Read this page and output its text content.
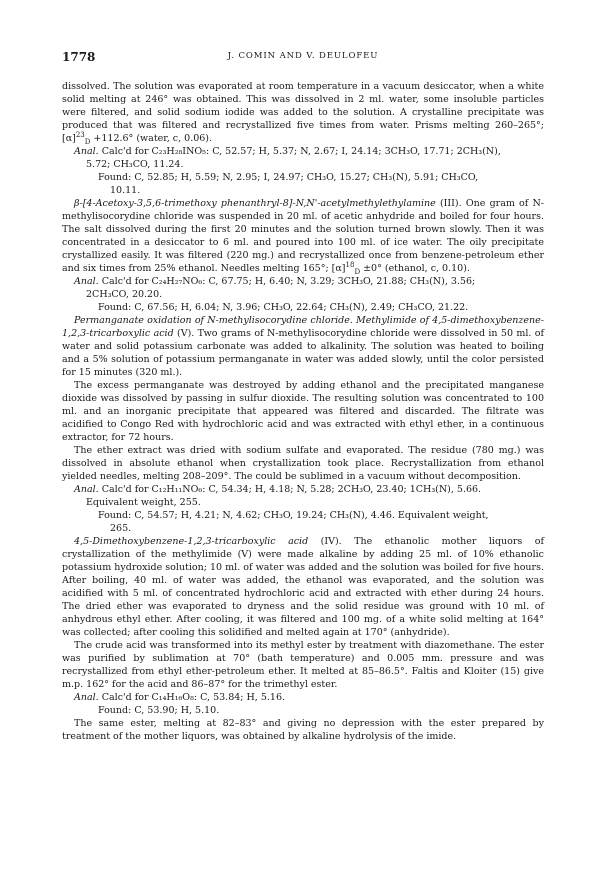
1778	J. COMIN AND V. DEULOFEU

dissolved. The solution was evaporated at room temperature in a vacuum desiccator, when a white solid melting at 246° was obtained. This was dissolved in 2 ml. water, some insoluble particles were filtered, and solid sodium iodide was added to the solution. A crystalline precipitate was produced that was filtered and recrystallized five times from water. Prisms melting 260–265°; $[\alpha]^{23}_D +112.6^\circ$ (water, c, 0.06).

Anal. Calc'd for C₂₃H₂₈INO₅: C, 52.57; H, 5.37; N, 2.67; I, 24.14; 3CH₃O, 17.71; 2CH₃(N),

5.72; CH₃CO, 11.24.

Found: C, 52.85; H, 5.59; N, 2.95; I, 24.97; CH₃O, 15.27; CH₃(N), 5.91; CH₃CO,

10.11.

β-[4-Acetoxy-3,5,6-trimethoxy phenanthryl-8]-N,N'-acetylmethylethylamine (III). One gram of N-methylisocorydine chloride was suspended in 20 ml. of acetic anhydride and boiled for four hours. The salt dissolved during the first 20 minutes and the solution turned brown slowly. Then it was concentrated in a desiccator to 6 ml. and poured into 100 ml. of ice water. The oily precipitate crystallized easily. It was filtered (220 mg.) and recrystallized once from benzene-petroleum ether and six times from 25% ethanol. Needles melting 165°; $[\alpha]^{18}_D \pm 0^\circ$ (ethanol, c, 0.10).

Anal. Calc'd for C₂₄H₂₇NO₆: C, 67.75; H, 6.40; N, 3.29; 3CH₃O, 21.88; CH₃(N), 3.56;

2CH₃CO, 20.20.

Found: C, 67.56; H, 6.04; N, 3.96; CH₃O, 22.64; CH₃(N), 2.49; CH₃CO, 21.22.

Permanganate oxidation of N-methylisocorydine chloride. Methylimide of 4,5-dimethoxybenzene-1,2,3-tricarboxylic acid (V). Two grams of N-methylisocorydine chloride were dissolved in 50 ml. of water and solid potassium carbonate was added to alkalinity. The solution was heated to boiling and a 5% solution of potassium permanganate in water was added slowly, until the color persisted for 15 minutes (320 ml.).

The excess permanganate was destroyed by adding ethanol and the precipitated manganese dioxide was dissolved by passing in sulfur dioxide. The resulting solution was concentrated to 100 ml. and an inorganic precipitate that appeared was filtered and discarded. The filtrate was acidified to Congo Red with hydrochloric acid and was extracted with ethyl ether, in a continuous extractor, for 72 hours.

The ether extract was dried with sodium sulfate and evaporated. The residue (780 mg.) was dissolved in absolute ethanol when crystallization took place. Recrystallization from ethanol yielded needles, melting 208–209°. The could be sublimed in a vacuum without decomposition.

Anal. Calc'd for C₁₂H₁₁NO₆: C, 54.34; H, 4.18; N, 5.28; 2CH₃O, 23.40; 1CH₃(N), 5.66.

Equivalent weight, 255.

Found: C, 54.57; H, 4.21; N, 4.62; CH₃O, 19.24; CH₃(N), 4.46. Equivalent weight,

265.

4,5-Dimethoxybenzene-1,2,3-tricarboxylic acid (IV). The ethanolic mother liquors of crystallization of the methylimide (V) were made alkaline by adding 25 ml. of 10% ethanolic potassium hydroxide solution; 10 ml. of water was added and the solution was boiled for five hours. After boiling, 40 ml. of water was added, the ethanol was evaporated, and the solution was acidified with 5 ml. of concentrated hydrochloric acid and extracted with ether during 24 hours. The dried ether was evaporated to dryness and the solid residue was ground with 10 ml. of anhydrous ethyl ether. After cooling, it was filtered and 100 mg. of a white solid melting at 164° was collected; after cooling this solidified and melted again at 170° (anhydride).

The crude acid was transformed into its methyl ester by treatment with diazomethane. The ester was purified by sublimation at 70° (bath temperature) and 0.005 mm. pressure and was recrystallized from ethyl ether-petroleum ether. It melted at 85–86.5°. Faltis and Kloiter (15) give m.p. 162° for the acid and 86–87° for the trimethyl ester.

Anal. Calc'd for C₁₄H₁₆O₈: C, 53.84; H, 5.16.

Found: C, 53.90; H, 5.10.

The same ester, melting at 82–83° and giving no depression with the ester prepared by treatment of the mother liquors, was obtained by alkaline hydrolysis of the imide.
